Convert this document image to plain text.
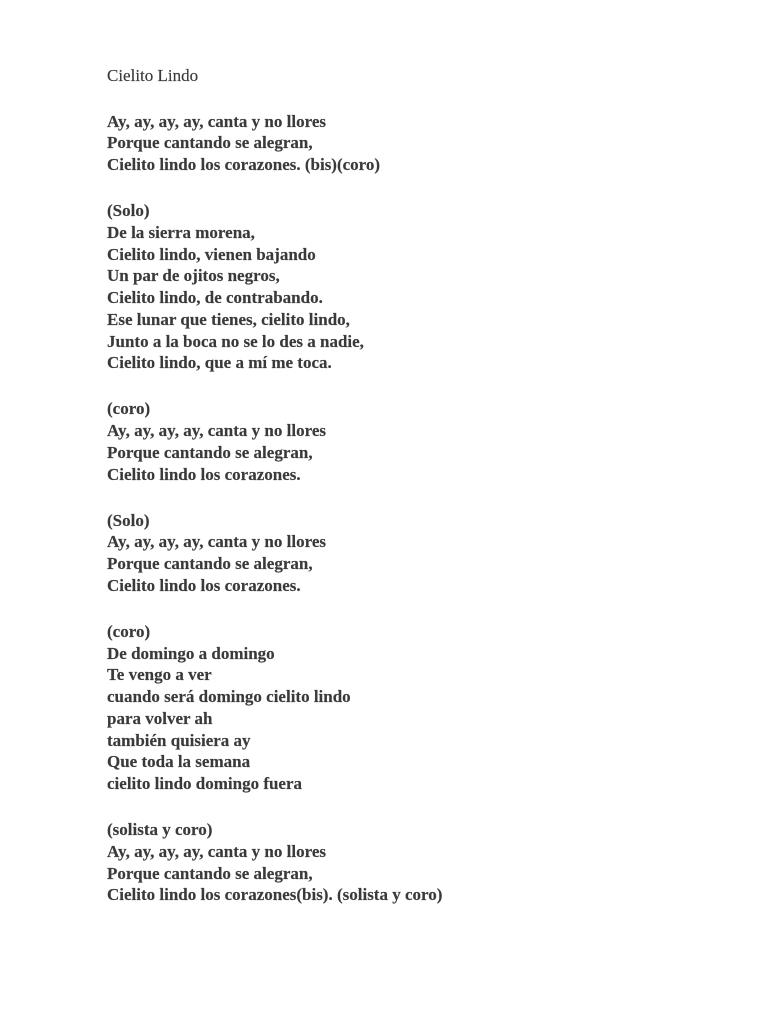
Cielito Lindo
Ay, ay, ay, ay, canta y no llores
Porque cantando se alegran,
Cielito lindo los corazones. (bis)(coro)
(Solo)
De la sierra morena,
Cielito lindo, vienen bajando
Un par de ojitos negros,
Cielito lindo, de contrabando.
Ese lunar que tienes, cielito lindo,
Junto a la boca no se lo des a nadie,
Cielito lindo, que a mí me toca.
(coro)
Ay, ay, ay, ay, canta y no llores
Porque cantando se alegran,
Cielito lindo los corazones.
(Solo)
Ay, ay, ay, ay, canta y no llores
Porque cantando se alegran,
Cielito lindo los corazones.
(coro)
De domingo a domingo
Te vengo a ver
cuando será domingo cielito lindo
para volver ah
también quisiera ay
Que toda la semana
cielito lindo domingo fuera
(solista y coro)
Ay, ay, ay, ay, canta y no llores
Porque cantando se alegran,
Cielito lindo los corazones(bis). (solista y coro)
